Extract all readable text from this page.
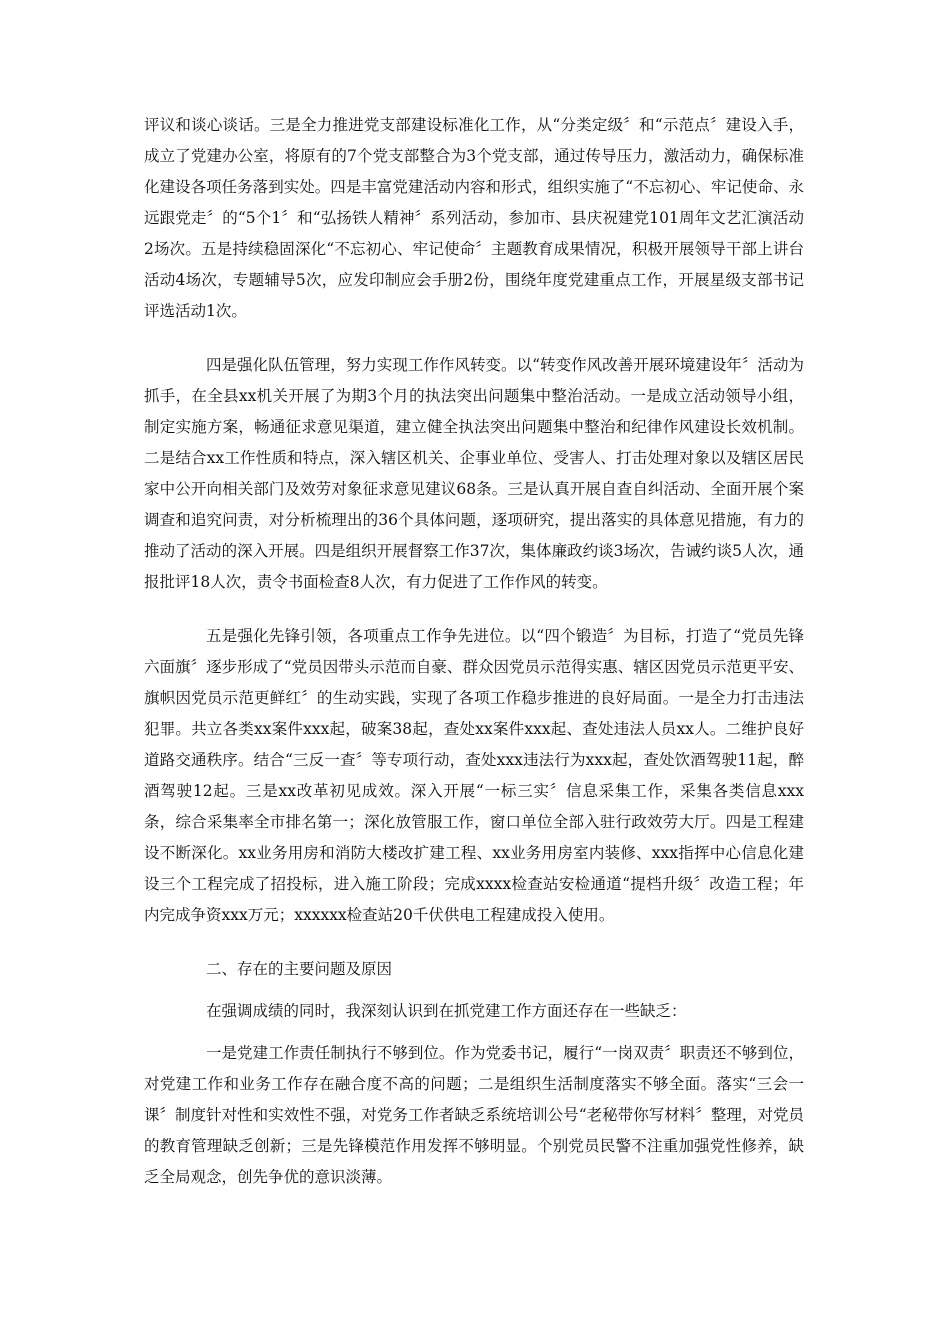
评议和谈心谈话。三是全力推进党支部建设标准化工作，从“分类定级〞和“示范点〞建设入手，成立了党建办公室，将原有的7个党支部整合为3个党支部，通过传导压力，激活动力，确保标准化建设各项任务落到实处。四是丰富党建活动内容和形式，组织实施了“不忘初心、牢记使命、永远跟党走〞的“5个1〞和“弘扬铁人精神〞系列活动，参加市、县庆祝建党101周年文艺汇演活动2场次。五是持续稳固深化“不忘初心、牢记使命〞主题教育成果情况，积极开展领导干部上讲台活动4场次，专题辅导5次，应发印制应会手册2份，围绕年度党建重点工作，开展星级支部书记评选活动1次。

四是强化队伍管理，努力实现工作作风转变。以“转变作风改善开展环境建设年〞活动为抓手，在全县xx机关开展了为期3个月的执法突出问题集中整治活动。一是成立活动领导小组，制定实施方案，畅通征求意见渠道，建立健全执法突出问题集中整治和纪律作风建设长效机制。二是结合xx工作性质和特点，深入辖区机关、企事业单位、受害人、打击处理对象以及辖区居民家中公开向相关部门及效劳对象征求意见建议68条。三是认真开展自查自纠活动、全面开展个案调查和追究问责，对分析梳理出的36个具体问题，逐项研究，提出落实的具体意见措施，有力的推动了活动的深入开展。四是组织开展督察工作37次，集体廉政约谈3场次，告诫约谈5人次，通报批评18人次，责令书面检查8人次，有力促进了工作作风的转变。

五是强化先锋引领，各项重点工作争先进位。以“四个锻造〞为目标，打造了“党员先锋六面旗〞逐步形成了“党员因带头示范而自豪、群众因党员示范得实惠、辖区因党员示范更平安、旗帜因党员示范更鲜红〞的生动实践，实现了各项工作稳步推进的良好局面。一是全力打击违法犯罪。共立各类xx案件xxx起，破案38起，查处xx案件xxx起、查处违法人员xx人。二维护良好道路交通秩序。结合“三反一查〞等专项行动，查处xxx违法行为xxx起，查处饮酒驾驶11起，醉酒驾驶12起。三是xx改革初见成效。深入开展“一标三实〞信息采集工作，采集各类信息xxx条，综合采集率全市排名第一；深化放管服工作，窗口单位全部入驻行政效劳大厅。四是工程建设不断深化。xx业务用房和消防大楼改扩建工程、xx业务用房室内装修、xxx指挥中心信息化建设三个工程完成了招投标，进入施工阶段；完成xxxx检查站安检通道“提档升级〞改造工程；年内完成争资xxx万元；xxxxxx检查站20千伏供电工程建成投入使用。

二、存在的主要问题及原因

在强调成绩的同时，我深刻认识到在抓党建工作方面还存在一些缺乏：

一是党建工作责任制执行不够到位。作为党委书记，履行“一岗双责〞职责还不够到位，对党建工作和业务工作存在融合度不高的问题；二是组织生活制度落实不够全面。落实“三会一课〞制度针对性和实效性不强，对党务工作者缺乏系统培训公号“老秘带你写材料〞整理，对党员的教育管理缺乏创新；三是先锋模范作用发挥不够明显。个别党员民警不注重加强党性修养，缺乏全局观念，创先争优的意识淡薄。
